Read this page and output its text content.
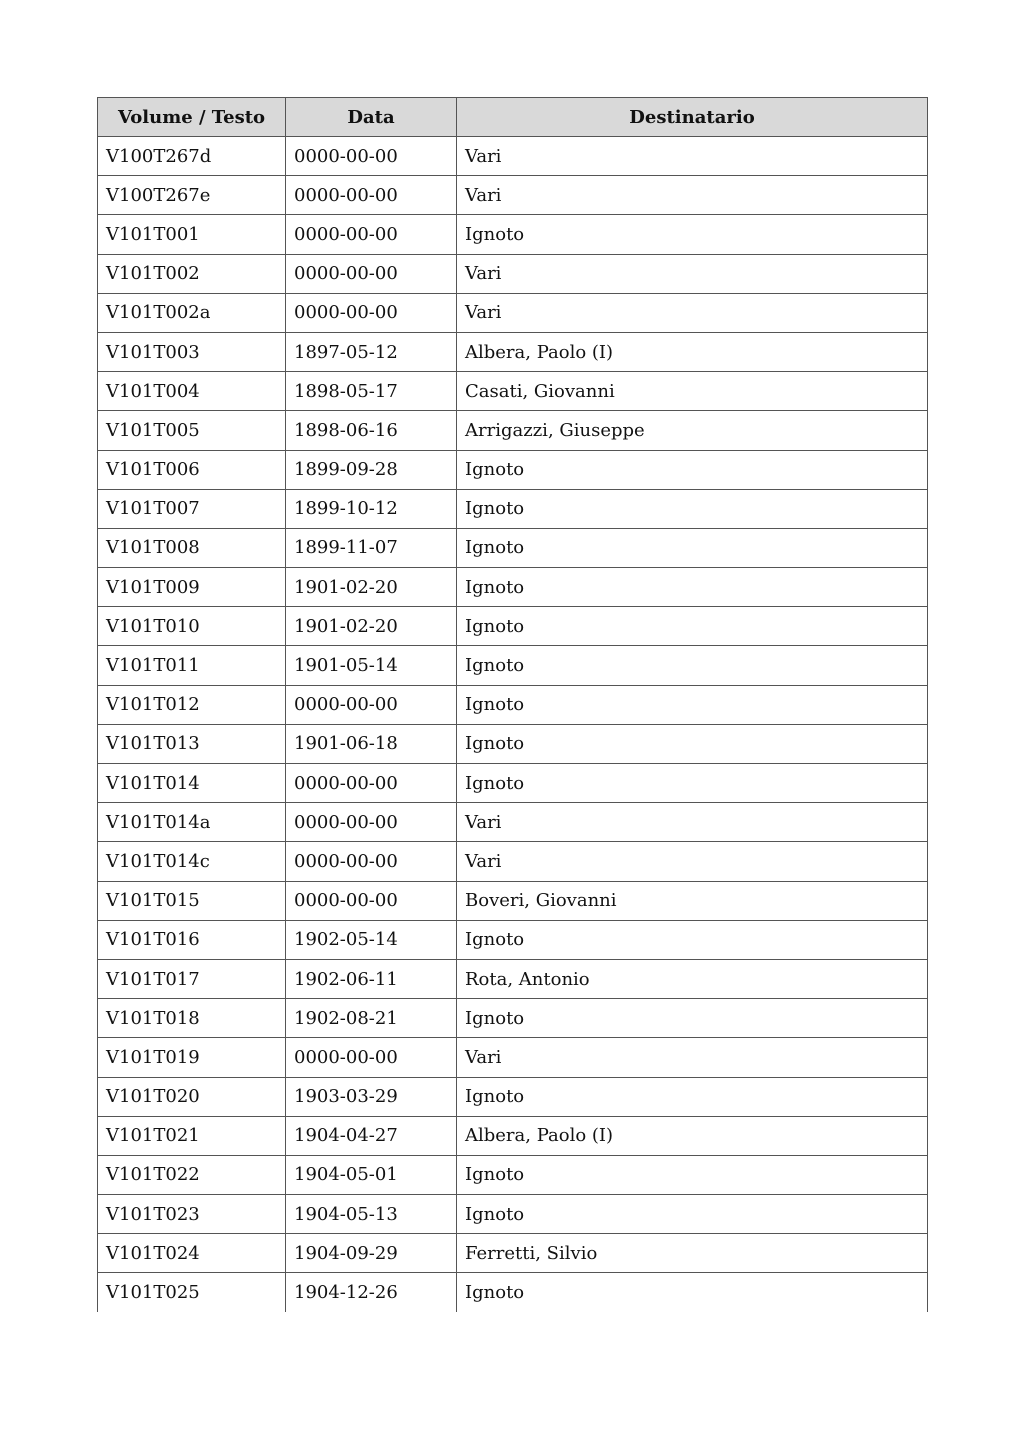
Volume / Testo	Data	Destinatario
V100T267d	0000-00-00	Vari
V100T267e	0000-00-00	Vari
V101T001	0000-00-00	Ignoto
V101T002	0000-00-00	Vari
V101T002a	0000-00-00	Vari
V101T003	1897-05-12	Albera, Paolo (I)
V101T004	1898-05-17	Casati, Giovanni
V101T005	1898-06-16	Arrigazzi, Giuseppe
V101T006	1899-09-28	Ignoto
V101T007	1899-10-12	Ignoto
V101T008	1899-11-07	Ignoto
V101T009	1901-02-20	Ignoto
V101T010	1901-02-20	Ignoto
V101T011	1901-05-14	Ignoto
V101T012	0000-00-00	Ignoto
V101T013	1901-06-18	Ignoto
V101T014	0000-00-00	Ignoto
V101T014a	0000-00-00	Vari
V101T014c	0000-00-00	Vari
V101T015	0000-00-00	Boveri, Giovanni
V101T016	1902-05-14	Ignoto
V101T017	1902-06-11	Rota, Antonio
V101T018	1902-08-21	Ignoto
V101T019	0000-00-00	Vari
V101T020	1903-03-29	Ignoto
V101T021	1904-04-27	Albera, Paolo (I)
V101T022	1904-05-01	Ignoto
V101T023	1904-05-13	Ignoto
V101T024	1904-09-29	Ferretti, Silvio
V101T025	1904-12-26	Ignoto
